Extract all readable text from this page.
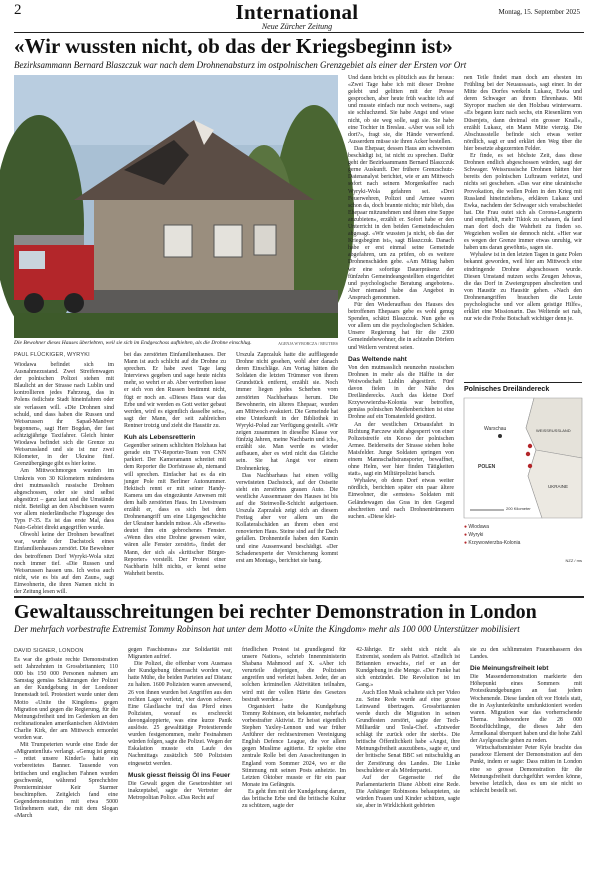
2	International
Neue Zürcher Zeitung
Montag, 15. September 2025
«Wir wussten nicht, ob das der Kriegsbeginn ist»
Bezirksammann Bernard Blaszczuk war nach dem Drohnenabsturz im ostpolnischen Grenzgebiet als einer der Ersten vor Ort
Die Bewohner dieses Hauses überlebten, weil sie sich im Endgeschoss aufhielten, als die Drohne einschlug.	AGENJA WYBORCZA / REUTERS
PAUL FLÜCKIGER, WYRYKI

Wiodawa befindet sich im Ausnahmezustand. Zwei Streifenwagen der polnischen Polizei stehen mit Blaulicht an der Strasse nach Lublin und kontrollieren jedes Fahrzeug, das in Polens östlichste Stadt hineinfahren oder sie verlassen will. «Die Drohnen sind schuld, und dass haben die Russen und Weissrussen ihr Sapad-Manöver begonnen», sagt Herr Bogdan, der fast achtzigjährige Taxifahrer. Gleich hinter Wiodawa befindet sich die Grenze zu Weissrussland und sie ist nur zwei Kilometer, in der Ukraine fünf. Grenzübergänge gibt es hier keine.

Am Mittwochmorgen wurden im Umkreis von 30 Kilometern mindestens drei mutmasslich russische Drohnen abgeschossen, oder sie sind selbst abgestürzt – ganz laut und die Umstände nicht. Beteiligt an den Abschüssen waren vor allem niederländische Flugzeuge des Typs F-35. Es ist das erste Mal, dass Nato-Gebiet direkt angegriffen wurde.

Obwohl keine der Drohnen bewaffnet war, wurde der Dachstock eines Einfamilienhauses zerstört. Die Bewohner des betroffenen Dorf Wyryki-Wola sitzt noch immer tief. «Die Russen und Weissrussen hassen uns. Ich weiss auch nicht, wie es bis auf den Zaun», sagt Einwohnerin, die ihren Namen nicht in der Zeitung lesen will.

bei das zerstörten Einfamilienhauses. Der Mann ist auch schlicht auf die Drohne zu sprechen. Er habe zwei Tage lang Interviews gegeben und sage heute nichts mehr, so wehrt er ab. Aber vertreiben lasse er sich von den Russen bestimmt nicht, fügt er noch an. «Dieses Haus war das Erbe und wir werden es Gott weiter gebaut werden, wird es eigentlich dasselbe sein», sagt der Mann, der seit zahlreichen Rentner trotzig und zieht die Haustür zu.

Kuh als Lebensretterin

Gegenüber seinem schlichten Holzhaus hat gerade ein TV-Reporter-Team von CNN parkiert. Der Kameramann schreitet mit dem Reporter die Dorfstrasse ab, niemand will sprechen. Einfacher hat es da ein junger Pole mit Berliner Autonummer. Hektisch rennt er mit seiner Handy-Kamera um das eingezäunte Anwesen mit dem halb zerstörten Haus. Im Livestream erzählt er, dass es sich bei dem Drohnenangriff um eine Lügengeschichte der Ukrainer handeln müsse. Als «Beweis» deutet ihm ein gebrochenes Fenster. «Wenn dies eine Drohne gewesen wäre, wären alle Fenster zerstört», findet der Mann, der sich als «kritischer Bürger-Reporter» vorstellt. Der Protest einer Nachbarin hilft nichts, er kennt seine Wahrheit bereits.

Urszula Zaprzaluk hatte die auffliegende Drohne nicht gesehen, wohl aber danach deren Einschläge. Am Vortag hätten die Soldaten die letzten Trümmer von ihrem Grundstück entfernt, erzählt sie. Noch immer liegen jedes Scherben vom zerstörten Nachbarhaus herum. Die Bewohnerin, ein älteres Ehepaar, wurden am Mittwoch evakuiert. Die Gemeinde hat eine Unterkunft in der Bibliothek in Wyryki-Polud zur Verfügung gestellt. «Wir zeigen zusammen in dieselbe Klasse vor fünfzig Jahren, meine Nachbarin und ich», erzählt sie. Man werde es wieder aufbauen, aber es wird nicht das Gleiche sein. Sie hat Angst vor einem Drohnenkrieg.

Das Nachbarhaus hat einen völlig verwüsteten Dachstock, auf der Ostseite sieht ein zerstörtes grauen Auto. Die westliche Aussenmauer des Hauses ist bis auf die Steinwolle-Schicht aufgerissen. Urszula Zaprzaluk zeigt sich an diesem Freitag aber vor allem um die Kollateralschäden an ihrem eben erst renovierten Haus. Steine sind auf ihr Dach gefallen. Drohnenteile haben den Kamin und eine Aussenwand beschädigt. «Der Schadenexperte der Versicherung kommt erst am Montag», berichtet sie bang.

Und dann bricht es plötzlich aus ihr heraus: «Zwei Tage habe ich mit dieser Drohne gelebt und gelitten mit der Presse gesprochen, aber heute früh wachte ich auf und musste einfach nur noch weinen», sagt sie schluchzend. Sie habe Angst und wisse nicht, ob sie weg solle, sagt sie. Sie habe eine Tochter in Breslau. «Aber was soll ich dort?», fragt sie, die Hände verwerfend. Ausserdem müsse sie ihren Acker bestellen.

Das Ehepaar, dessen Haus am schwersten beschädigt ist, ist nicht zu sprechen. Dafür geht der Bezirksammann Bernard Blaszczuk gerne Auskunft. Der frühere Grenzschutz-Datenanalyst berichtet, wie er am Mittwoch sofort nach seinem Morgenkaffee nach Wyryki-Wola gefahren sei. «Drei Feuerwehren, Polizei und Armee waren schon da, doch brannte nichts; mir blieb, das Ehepaar mitzunehmen und ihnen eine Suppe anzubieten», erzählt er. Sofort habe er den Unterricht in den beiden Gemeindeschulen abgesagt. «Wir wussten ja nicht, ob das der Kriegsbeginn ist», sagt Blaszczuk. Danach habe er erst einmal seine Gemeinde abgefahren, um zu prüfen, ob es weitere Drohnenschäden gebe. «Am Mittag haben wir eine sofortige Dauerpräsenz der fünfzehn Gemeindeangestellten eingerichtet und psychologische Beratung angeboten». Aber niemand habe das Angebot in Anspruch genommen.

Für den Wiederaufbau des Hauses des betroffenen Ehepaars gebe es wohl genug Spenden, schätzt Blaszczuk. Nun gehe es vor allem um die psychologischen Schäden. Unsere Regierung hat für die 2300 Gemeindebewohner, die in achtzehn Dörfern und Weilern verstreut seien.

Das Weltende naht

Von den mutmasslich neunzehn russischen Drohnen in mehr als die Hälfte in der Woiwodschaft Lublin abgestürzt. Fünf davon fielen in der Nähe des Dreiländerecks. Auch das kleine Dorf Krzywowierzba-Kolonia war betroffen, gemäss polnischen Medienberichten ist eine Drohne auf ein Tomatenfeld gestürzt.

An der westlichen Ortsausfahrt in Richtung Parczew steht abgesperrt von einer Polizeistreife ein Korso der polnischen Armee. Beiderseits der Strasse stehen hohe Maisfelder. Junge Soldaten springen von einem Mannschaftstransporter, bewaffnet, ohne Helm, wer hier finden Tätigkeiten statt», sagt ein Militärpolizist barsch.

Wyhalew, ob denn Dorf etwas weiter nördlich, berichten später ein paar ältere Einwohner, die «ernstes» Soldaten mit Geländewagen das Gras in den Gegend abschreiten und nach Drohnentrümmern suchen. «Diese klei-

nen Teile findet man doch am ehesten im Frühling bei der Neuaussaat», sagt einer. In der Mitte des Dorfes werkeln Lukasz, Ewka und deren Schwager an ihrem Ehrenhaus. Mit Styropor machen sie den Holzbau winterwarm. «Es begann kurz nach sechs, ein Riesenlärm von Düsenjets, dann dreimal ein grosser Knall», erzählt Lukasz, ein Mann Mitte vierzig. Die Abschussstelle befinde sich etwas weiter nördlich, sagt er und erklärt den Weg über die hier besetzte abgezernten Felder.

Er finde, es sei höchste Zeit, dass diese Drohnen endlich abgeschossen würden, sagt der Schwager. Weissrussische Drohnen hätten hier bereits den polnischen Luftraum verletzt, und nichts sei geschehen. «Das war eine ukrainische Provokation, die wollen Polen in den Krieg mit Russland hineinziehen», erklären Lukasz und Ewka, nachdem der Schwager sich verabschiedet hat. Die Frau outet sich als Corona-Leugnerin und empfiehlt, mehr Tiktok zu schauen, da fand man dort doch die Wahrheit zu finden so. Wegziehen wollen sie dennoch nicht. «Hier war es wegen der Grenze immer etwas unruhig, wir haben uns daran gewöhnt», sagen sie.

Wyhalew ist in den letzten Tagen in ganz Polen bekannt geworden, weil hier am Mittwoch eine eindringende Drohne abgeschossen wurde. Diesen Umstand nutzen sechs Zeugen Jehovas, die das Dorf in Zweiergruppen abschreiten und von Haustür zu Haustür gehen. «Nach den Drohnenangriffen brauchen die Leute psychologische und vor allem geistige Hilfe», erklärt eine Missionarin. Das Weltende sei nah, nur wie die Frohe Botschaft wichtiger denn je.

Polnisches Dreiländereck
Warschau
POLEN
WEISSRUSSLAND
UKRAINE
200 Kilometer
● Wlodawa
● Wyryki
● Krzywowierzba-Kolonia
NZZ / ms
Gewaltausschreitungen bei rechter Demonstration in London
Der mehrfach vorbestrafte Extremist Tommy Robinson hat unter dem Motto «Unite the Kingdom» mehr als 100 000 Unterstützer mobilisiert
DAVID SIGNER, LONDON

Es war die grösste rechte Demonstration seit Jahrzehnten in Grossbritannien; 110 000 bis 150 000 Personen nahmen am Samstag gemäss Schätzungen der Polizei an der Kundgebung in der Londoner Innenstadt teil. Protestiert wurde unter dem Motto «Unite the Kingdom» gegen Migration und gegen die Regierung, für die Meinungsfreiheit und im Gedenken an den rechtsnationalen amerikanischen Aktivisten Charlie Kirk, der am Mittwoch ermordet worden war.

Mit Trumpeterten wurde eine Ende der «Migrantenflut» verlangt. «Genug ist genug – rettet unsere Kinder!» hatte ein vorbereitetes Banner. Tausende von britischen und englischen Fahnen wurden geschwenkt, während Sprechchöre Premierminister Keir Starmer beschimpften. Zeitgleich fand eine Gegendemonstration mit etwa 5000 Teilnehmern statt, die mit dem Slogan «March

gegen Faschismus» zur Solidarität mit Migranten aufrief.

Die Polizei, die offenbar vom Ausmass der Kundgebung überrascht worden war, hatte Mühe, die beiden Parteien auf Distanz zu halten. 1600 Polizisten waren anwesend, 26 von ihnen wurden bei Angriffen aus den rechten Lager verletzt, vier davon schwer. Eine Glasflasche traf das Pferd eines Polizisten, worauf es erschreckt davongaloppierte, was eine kurze Panik auslöste. 25 gewalttätige Protestierende wurden festgenommen, mehr Festnahmen würden folgen, sagte die Polizei. Wegen der Eskalation musste ein Laufe des Nachmittags zusätzlich 500 Polizisten eingesetzt werden.

Musk giesst fleissig Öl ins Feuer

Die Gewalt gegen die Gesetzeshüter sei inakzeptabel, sagte der Vertreter der Metropolitan Police. «Das Recht auf

friedlichen Protest ist grundlegend für unsere Nation», schrieb Innenministerin Shabana Mahmood auf X. «Aber ich verurteile diejenigen, die Polizisten angreifen und verletzt haben. Jeder, der an solchen kriminellen Aktivitäten teilnahm, wird mit der vollen Härte des Gesetzes bestraft werden.»

Organisiert hatte die Kundgebung Tommy Robinson, ein bekannter, mehrfach vorbestrafter Aktivist. Er heisst eigentlich Stephen Yaxley-Lennon und war früher Anführer der rechtsextremen Vereinigung English Defence League, die vor allem gegen Muslime agitierte. Er spielte eine zentrale Rolle bei den Ausschreitungen in England vom Sommer 2024, wo er die Stimmung mit seinen Posts anheizte. Im Letzten Oktober musste er für ein paar Monate ins Gefängnis.

Es geht ihm mit der Kundgebung darum, das britische Erbe und die britische Kultur zu schützen, sagte der

42-Jährige. Er sieht sich nicht als Extremist, sondern als Patriot. «Endlich ist Britannien erwacht», rief er an der Kundgebung in die Menge. «Der Funke hat sich entzündet. Die Revolution ist im Gang.»

Auch Elon Musk schaltete sich per Video zu. Seine Rede wurde auf eine grosse Leinwand übertragen. Grossbritannien werde durch die Migration in seinen Grundfesten zerstört, sagte der Tech-Milliardär und Tesla-Chef. «Entweder schlägt ihr zurück oder ihr sterbt». Die britische Öffentlichkeit habe «Angst, ihre Meinungsfreiheit auszuüben», sagte er, und der britische Senat BBC sei mitschuldig an der Zerstörung des Landes. Die Linke beschuldete er als Mörderpartei.

Auf der Gegenseite rief die Parlamentarierin Diane Abbott eine Rede. Die Anhänger Robinsons behaupteten, sie würden Frauen und Kinder schützen, sagte sie, aber in Wirklichkeit gehörten

sie zu den schlimmsten Frauenhassern des Landes.

Die Meinungsfreiheit lebt

Die Massendemonstration markierte den Höhepunkt eines Sommers mit Protestkundgebungen an fast jedem Wochenende. Diese fanden oft vor Hotels statt, die in Asylunterkünfte umfunktioniert worden waren. Migration war das vorherrschende Thema. Insbesondere die 28 000 Bootsflüchtlinge, die dieses Jahr den Ärmelkanal überquert haben und die hohe Zahl der Asylgesuche gehen zu reden.

Wirtschaftsminister Peter Kyle brachte das paradoxe Element der Demonstration auf den Punkt, indem er sagte: Dass mitten in London eine so grosse Demonstration für die Meinungsfreiheit durchgeführt werden könne, beweise letztlich, dass es um sie nicht so schlecht bestellt sei.
